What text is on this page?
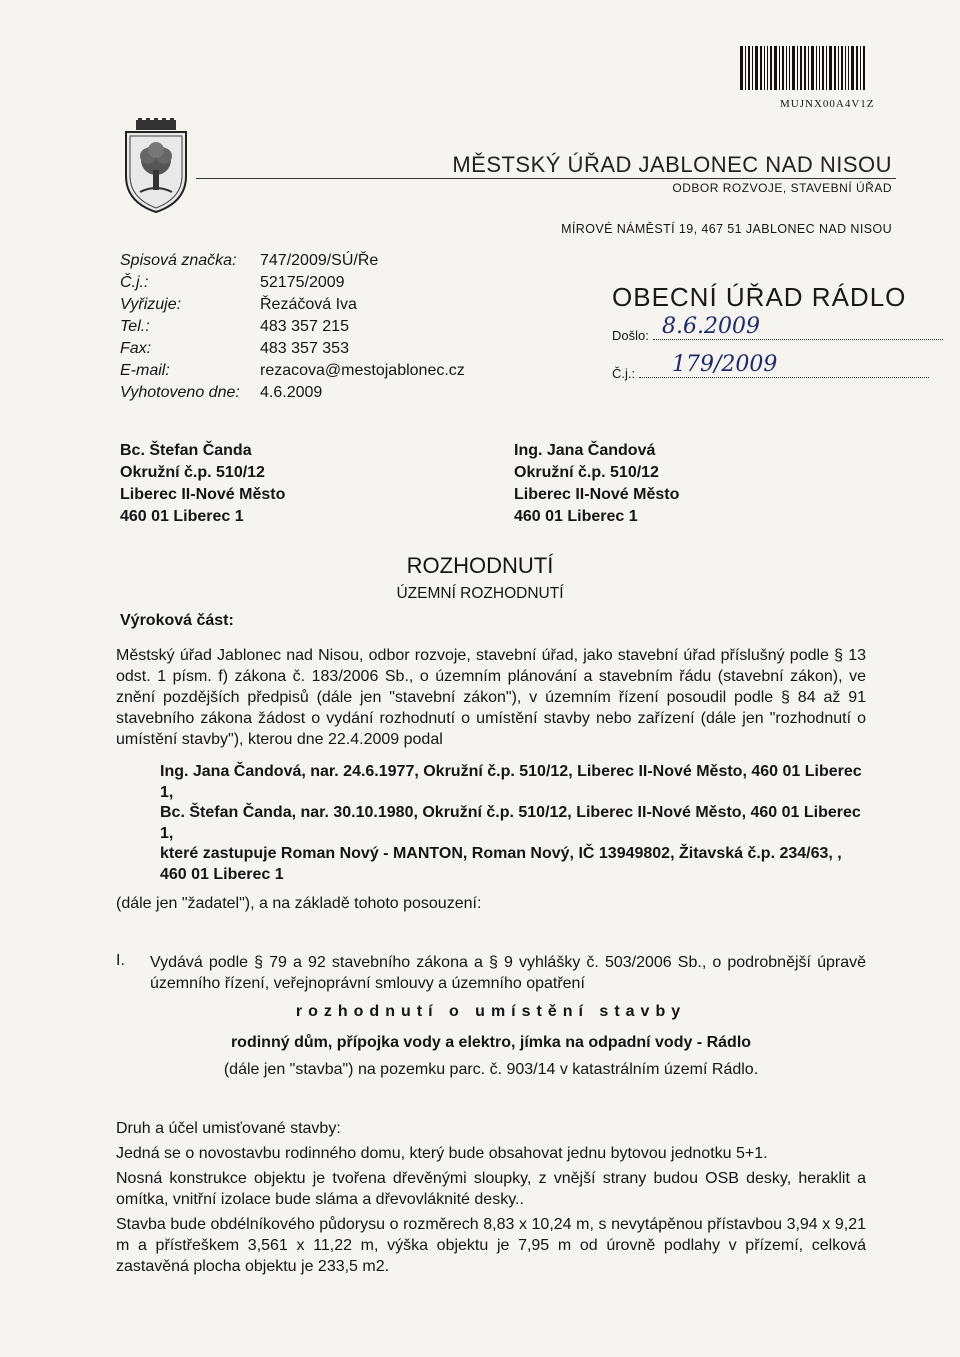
MUJNX00A4V1Z
MĚSTSKÝ ÚŘAD JABLONEC NAD NISOU
ODBOR ROZVOJE, STAVEBNÍ ÚŘAD
MÍROVÉ NÁMĚSTÍ 19, 467 51 JABLONEC NAD NISOU
Spisová značka:	747/2009/SÚ/Ře
Č.j.:	52175/2009
Vyřizuje:	Řezáčová Iva
Tel.:	483 357 215
Fax:	483 357 353
E-mail:	rezacova@mestojablonec.cz
Vyhotoveno dne:	4.6.2009
OBECNÍ ÚŘAD RÁDLO
Došlo: 8.6.2009
Č.j.: 179/2009
Bc. Štefan Čanda
Okružní č.p. 510/12
Liberec II-Nové Město
460 01 Liberec 1
Ing. Jana Čandová
Okružní č.p. 510/12
Liberec II-Nové Město
460 01 Liberec 1
ROZHODNUTÍ
ÚZEMNÍ ROZHODNUTÍ
Výroková část:
Městský úřad Jablonec nad Nisou, odbor rozvoje, stavební úřad, jako stavební úřad příslušný podle § 13 odst. 1 písm. f) zákona č. 183/2006 Sb., o územním plánování a stavebním řádu (stavební zákon), ve znění pozdějších předpisů (dále jen "stavební zákon"), v územním řízení posoudil podle § 84 až 91 stavebního zákona žádost o vydání rozhodnutí o umístění stavby nebo zařízení (dále jen "rozhodnutí o umístění stavby"), kterou dne 22.4.2009 podal
Ing. Jana Čandová, nar. 24.6.1977, Okružní č.p. 510/12, Liberec II-Nové Město, 460 01 Liberec 1,
Bc. Štefan Čanda, nar. 30.10.1980, Okružní č.p. 510/12, Liberec II-Nové Město, 460 01 Liberec 1,
které zastupuje Roman Nový - MANTON, Roman Nový, IČ 13949802, Žitavská č.p. 234/63, , 460 01 Liberec 1
(dále jen "žadatel"), a na základě tohoto posouzení:
I. Vydává podle § 79 a 92 stavebního zákona a § 9 vyhlášky č. 503/2006 Sb., o podrobnější úpravě územního řízení, veřejnoprávní smlouvy a územního opatření
rozhodnutí o umístění stavby
rodinný dům, přípojka vody a elektro, jímka na odpadní vody - Rádlo
(dále jen "stavba") na pozemku parc. č. 903/14 v katastrálním území Rádlo.
Druh a účel umisťované stavby:
Jedná se o novostavbu rodinného domu, který bude obsahovat jednu bytovou jednotku 5+1.
Nosná konstrukce objektu je tvořena dřevěnými sloupky, z vnější strany budou OSB desky, heraklit a omítka, vnitřní izolace bude sláma a dřevovláknité desky..
Stavba bude obdélníkového půdorysu o rozměrech 8,83 x 10,24 m, s nevytápěnou přístavbou 3,94 x 9,21 m a přístřeškem 3,561 x 11,22 m, výška objektu je 7,95 m od úrovně podlahy v přízemí, celková zastavěná plocha objektu je 233,5 m2.
